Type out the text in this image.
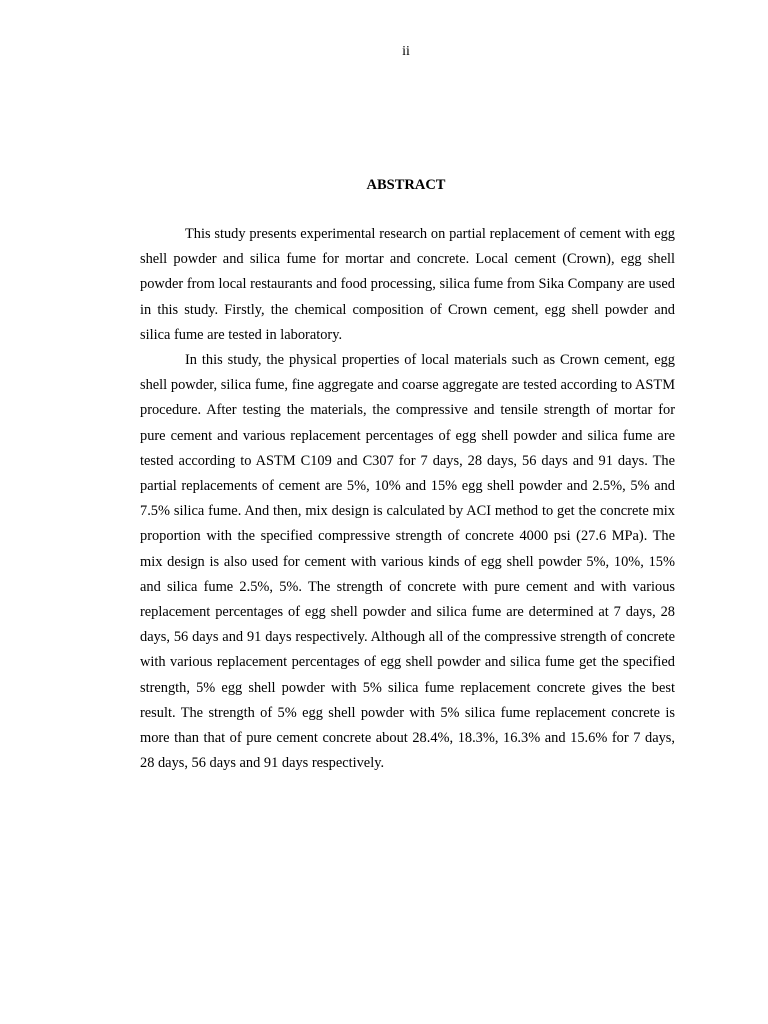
ii
ABSTRACT

This study presents experimental research on partial replacement of cement with egg shell powder and silica fume for mortar and concrete. Local cement (Crown), egg shell powder from local restaurants and food processing, silica fume from Sika Company are used in this study. Firstly, the chemical composition of Crown cement, egg shell powder and silica fume are tested in laboratory.

In this study, the physical properties of local materials such as Crown cement, egg shell powder, silica fume, fine aggregate and coarse aggregate are tested according to ASTM procedure. After testing the materials, the compressive and tensile strength of mortar for pure cement and various replacement percentages of egg shell powder and silica fume are tested according to ASTM C109 and C307 for 7 days, 28 days, 56 days and 91 days. The partial replacements of cement are 5%, 10% and 15% egg shell powder and 2.5%, 5% and 7.5% silica fume. And then, mix design is calculated by ACI method to get the concrete mix proportion with the specified compressive strength of concrete 4000 psi (27.6 MPa). The mix design is also used for cement with various kinds of egg shell powder 5%, 10%, 15% and silica fume 2.5%, 5%. The strength of concrete with pure cement and with various replacement percentages of egg shell powder and silica fume are determined at 7 days, 28 days, 56 days and 91 days respectively. Although all of the compressive strength of concrete with various replacement percentages of egg shell powder and silica fume get the specified strength, 5% egg shell powder with 5% silica fume replacement concrete gives the best result. The strength of 5% egg shell powder with 5% silica fume replacement concrete is more than that of pure cement concrete about 28.4%, 18.3%, 16.3% and 15.6% for 7 days, 28 days, 56 days and 91 days respectively.
